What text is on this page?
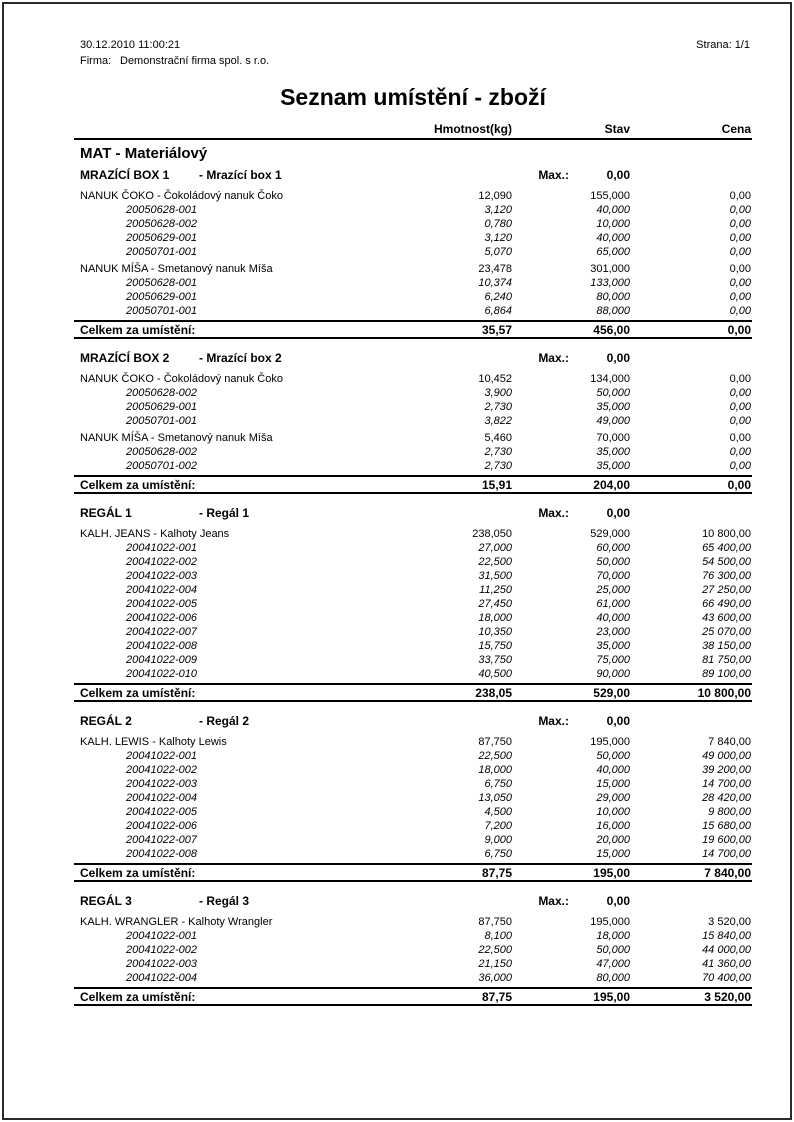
30.12.2010 11:00:21	Strana: 1/1
Firma: Demonstrační firma spol. s r.o.
Seznam umístění - zboží
Hmotnost(kg)	Stav	Cena
MAT - Materiálový
MRAZÍCÍ BOX 1 - Mrazící box 1	Max.:	0,00
NANUK ČOKO - Čokoládový nanuk Čoko	12,090	155,000	0,00
20050628-001	3,120	40,000	0,00
20050628-002	0,780	10,000	0,00
20050629-001	3,120	40,000	0,00
20050701-001	5,070	65,000	0,00
NANUK MÍŠA - Smetanový nanuk Míša	23,478	301,000	0,00
20050628-001	10,374	133,000	0,00
20050629-001	6,240	80,000	0,00
20050701-001	6,864	88,000	0,00
Celkem za umístění:	35,57	456,00	0,00
MRAZÍCÍ BOX 2 - Mrazící box 2	Max.:	0,00
NANUK ČOKO - Čokoládový nanuk Čoko	10,452	134,000	0,00
20050628-002	3,900	50,000	0,00
20050629-001	2,730	35,000	0,00
20050701-001	3,822	49,000	0,00
NANUK MÍŠA - Smetanový nanuk Míša	5,460	70,000	0,00
20050628-002	2,730	35,000	0,00
20050701-002	2,730	35,000	0,00
Celkem za umístění:	15,91	204,00	0,00
REGÁL 1	- Regál 1	Max.:	0,00
KALH. JEANS - Kalhoty Jeans	238,050	529,000	10 800,00
20041022-001	27,000	60,000	65 400,00
20041022-002	22,500	50,000	54 500,00
20041022-003	31,500	70,000	76 300,00
20041022-004	11,250	25,000	27 250,00
20041022-005	27,450	61,000	66 490,00
20041022-006	18,000	40,000	43 600,00
20041022-007	10,350	23,000	25 070,00
20041022-008	15,750	35,000	38 150,00
20041022-009	33,750	75,000	81 750,00
20041022-010	40,500	90,000	89 100,00
Celkem za umístění:	238,05	529,00	10 800,00
REGÁL 2	- Regál 2	Max.:	0,00
KALH. LEWIS - Kalhoty Lewis	87,750	195,000	7 840,00
20041022-001	22,500	50,000	49 000,00
20041022-002	18,000	40,000	39 200,00
20041022-003	6,750	15,000	14 700,00
20041022-004	13,050	29,000	28 420,00
20041022-005	4,500	10,000	9 800,00
20041022-006	7,200	16,000	15 680,00
20041022-007	9,000	20,000	19 600,00
20041022-008	6,750	15,000	14 700,00
Celkem za umístění:	87,75	195,00	7 840,00
REGÁL 3	- Regál 3	Max.:	0,00
KALH. WRANGLER - Kalhoty Wrangler	87,750	195,000	3 520,00
20041022-001	8,100	18,000	15 840,00
20041022-002	22,500	50,000	44 000,00
20041022-003	21,150	47,000	41 360,00
20041022-004	36,000	80,000	70 400,00
Celkem za umístění:	87,75	195,00	3 520,00
